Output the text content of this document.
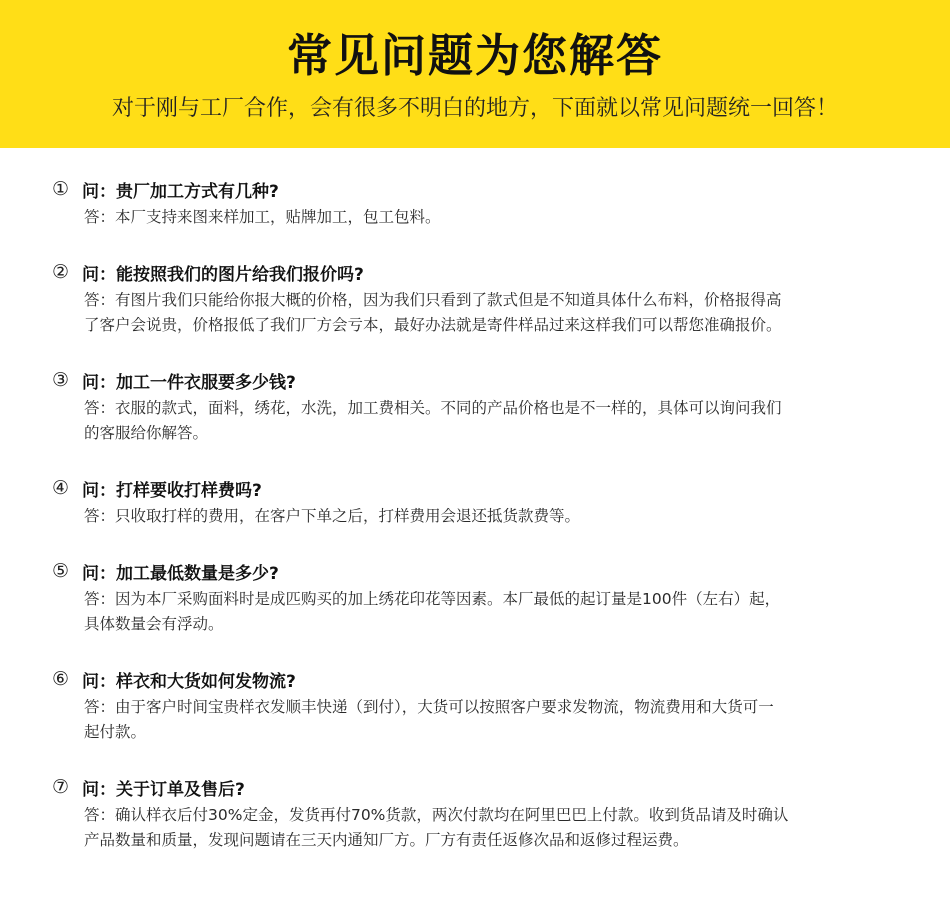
常见问题为您解答
对于刚与工厂合作，会有很多不明白的地方，下面就以常见问题统一回答！
① 问：贵厂加工方式有几种?
答：本厂支持来图来样加工，贴牌加工，包工包料。
② 问：能按照我们的图片给我们报价吗?
答：有图片我们只能给你报大概的价格，因为我们只看到了款式但是不知道具体什么布料，价格报得高
了客户会说贵，价格报低了我们厂方会亏本，最好办法就是寄件样品过来这样我们可以帮您准确报价。
③ 问：加工一件衣服要多少钱?
答：衣服的款式，面料，绣花，水洗，加工费相关。不同的产品价格也是不一样的，具体可以询问我们
的客服给你解答。
④ 问：打样要收打样费吗?
答：只收取打样的费用，在客户下单之后，打样费用会退还抵货款费等。
⑤ 问：加工最低数量是多少?
答：因为本厂采购面料时是成匹购买的加上绣花印花等因素。本厂最低的起订量是100件（左右）起，
具体数量会有浮动。
⑥ 问：样衣和大货如何发物流?
答：由于客户时间宝贵样衣发顺丰快递（到付），大货可以按照客户要求发物流，物流费用和大货可一
起付款。
⑦ 问：关于订单及售后?
答：确认样衣后付30%定金，发货再付70%货款，两次付款均在阿里巴巴上付款。收到货品请及时确认
产品数量和质量，发现问题请在三天内通知厂方。厂方有责任返修次品和返修过程运费。
